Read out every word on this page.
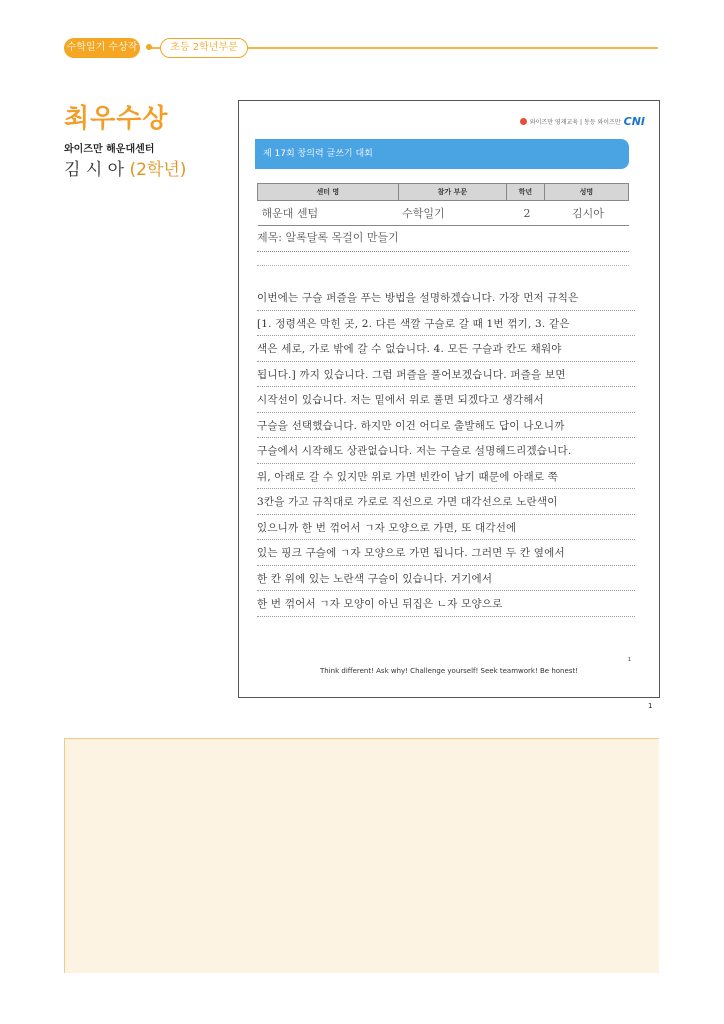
수학일기 수상작	초등 2학년부문
최우수상
와이즈만 해운대센터
김 시 아 (2학년)
와이즈만 영재교육 | 동등 와이즈만 CNI
제 17회 창의력 글쓰기 대회
센터 명	참가 부문	학년	성명
해운대 센텀	수학일기	2	김시아
제목: 알록달록 목걸이 만들기
이번에는 구슬 퍼즐을 푸는 방법을 설명하겠습니다. 가장 먼저 규칙은
[1. 정령색은 막힌 곳, 2. 다른 색깔 구슬로 갈 때 1번 꺾기, 3. 같은
색은 세로, 가로 밖에 갈 수 없습니다. 4. 모든 구슬과 칸도 채워야
됩니다.] 까지 있습니다. 그럼 퍼즐을 풀어보겠습니다. 퍼즐을 보면
시작선이 있습니다. 저는 밑에서 위로 풀면 되겠다고 생각해서
구슬을 선택했습니다. 하지만 이건 어디로 출발해도 답이 나오니까
구슬에서 시작해도 상관없습니다. 저는 구슬로 설명해드리겠습니다.
위, 아래로 갈 수 있지만 위로 가면 빈칸이 남기 때문에 아래로 쭉
3칸을 가고 규칙대로 가로로 직선으로 가면 대각선으로 노란색이
있으니까 한 번 꺾어서 ㄱ자 모양으로 가면, 또 대각선에
있는 핑크 구슬에 ㄱ자 모양으로 가면 됩니다. 그러면 두 칸 옆에서
한 칸 위에 있는 노란색 구슬이 있습니다. 거기에서
한 번 꺾어서 ㄱ자 모양이 아닌 뒤집은 ㄴ자 모양으로
1
Think different! Ask why! Challenge yourself! Seek teamwork! Be honest!
1
